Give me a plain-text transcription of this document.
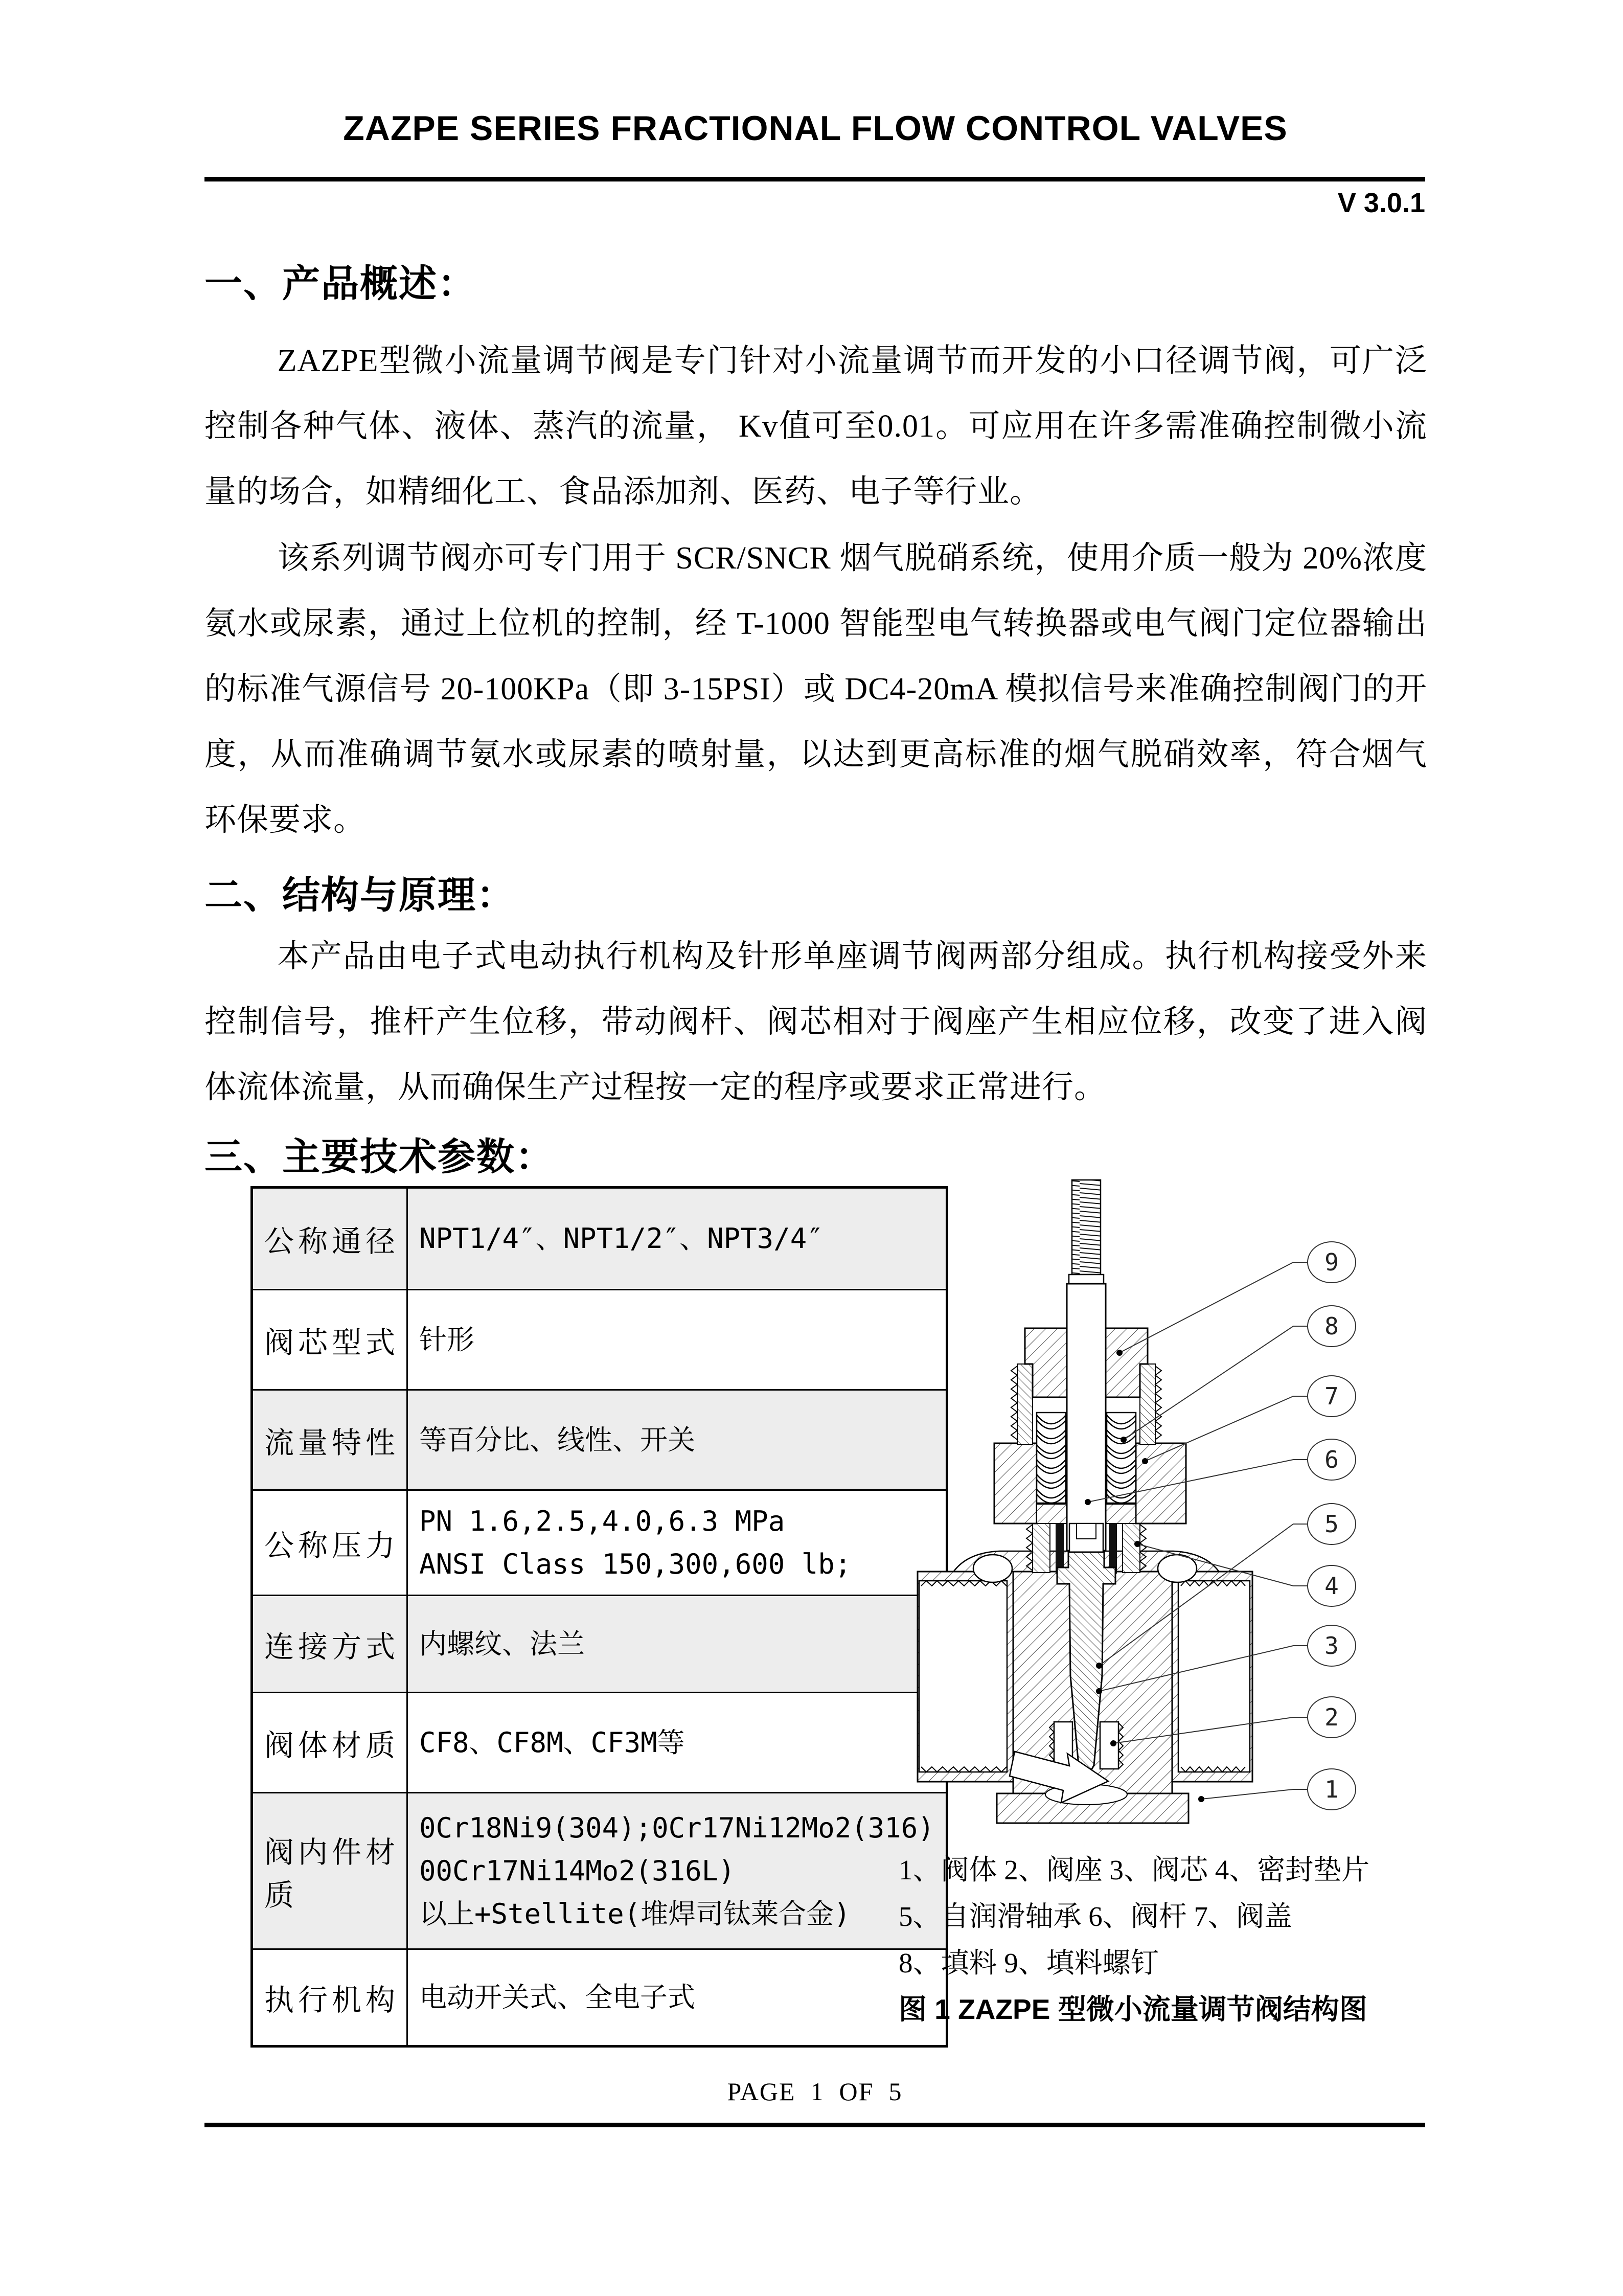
ZAZPE SERIES FRACTIONAL FLOW CONTROL VALVES
V 3.0.1
一、产品概述：
ZAZPE型微小流量调节阀是专门针对小流量调节而开发的小口径调节阀，可广泛控制各种气体、液体、蒸汽的流量， Kv值可至0.01。可应用在许多需准确控制微小流量的场合，如精细化工、食品添加剂、医药、电子等行业。
该系列调节阀亦可专门用于 SCR/SNCR 烟气脱硝系统，使用介质一般为 20%浓度氨水或尿素，通过上位机的控制，经 T-1000 智能型电气转换器或电气阀门定位器输出的标准气源信号 20-100KPa（即 3-15PSI）或 DC4-20mA 模拟信号来准确控制阀门的开度，从而准确调节氨水或尿素的喷射量，以达到更高标准的烟气脱硝效率，符合烟气环保要求。
二、结构与原理：
本产品由电子式电动执行机构及针形单座调节阀两部分组成。执行机构接受外来控制信号，推杆产生位移，带动阀杆、阀芯相对于阀座产生相应位移，改变了进入阀体流体流量，从而确保生产过程按一定的程序或要求正常进行。
三、主要技术参数：
公称通径	NPT1/4″、NPT1/2″、NPT3/4″

阀芯型式	针形

流量特性	等百分比、线性、开关

公称压力	PN 1.6,2.5,4.0,6.3 MPa
ANSI Class 150,300,600 lb;

连接方式	内螺纹、法兰

阀体材质	CF8、CF8M、CF3M等

阀内件材质	0Cr18Ni9(304);0Cr17Ni12Mo2(316)
00Cr17Ni14Mo2(316L)
以上+Stellite(堆焊司钛莱合金)

执行机构	电动开关式、全电子式
9
8
7
6
5
4
3
2
1
1、阀体 2、阀座 3、阀芯 4、密封垫片
5、自润滑轴承 6、阀杆 7、阀盖
8、填料 9、填料螺钉
图 1 ZAZPE 型微小流量调节阀结构图
PAGE  1  OF  5
